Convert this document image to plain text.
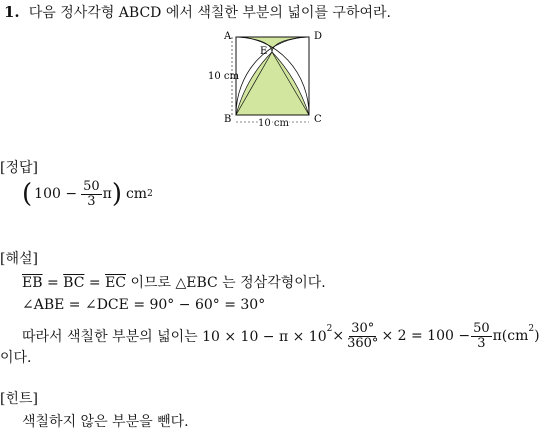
1. 다음 정사각형 ABCD 에서 색칠한 부분의 넓이를 구하여라.
A	D
B	C
E
10 cm
10 cm
[정답]
( $100 - \frac{50}{3}$ π ) cm 2
[해설]
$\overline{EB} = \overline{BC} = \overline{EC}$ 이므로 △EBC 는 정삼각형이다.
∠ABE = ∠DCE = 90° − 60° = 30°
따라서 색칠한 부분의 넓이는 $10 \times 10 - \pi \times 10^2 \times \frac{30^\circ}{360^\circ} \times 2 = 100 - \frac{50}{3} \pi(cm^2$ )
이다.
[힌트]
색칠하지 않은 부분을 뺀다.
